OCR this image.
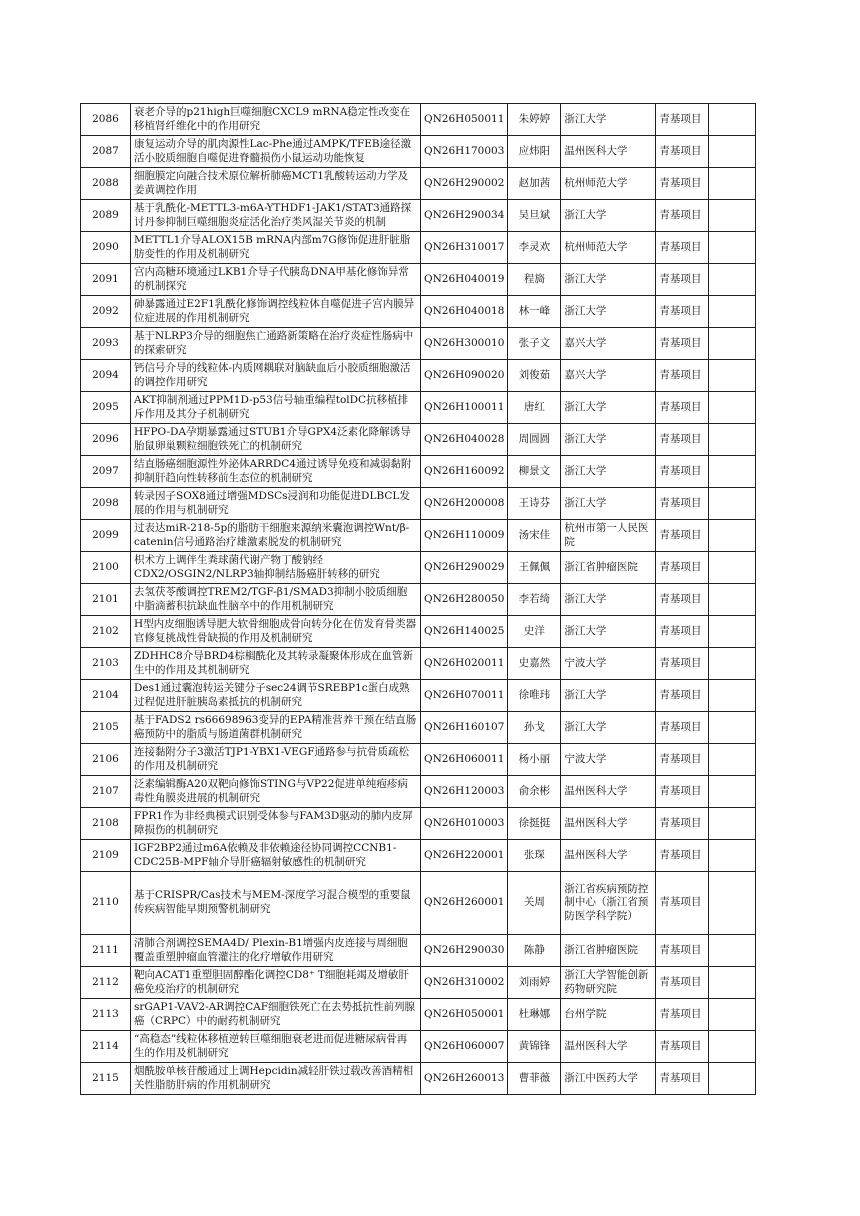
2086	衰老介导的p21high巨噬细胞CXCL9 mRNA稳定性改变在移植肾纤维化中的作用研究	QN26H050011	朱婷婷	浙江大学	青基项目	
2087	康复运动介导的肌肉源性Lac-Phe通过AMPK/TFEB途径激活小胶质细胞自噬促进脊髓损伤小鼠运动功能恢复	QN26H170003	应炜阳	温州医科大学	青基项目	
2088	细胞膜定向融合技术原位解析肺癌MCT1乳酸转运动力学及姜黄调控作用	QN26H290002	赵加茜	杭州师范大学	青基项目	
2089	基于乳酰化-METTL3-m6A-YTHDF1-JAK1/STAT3通路探讨丹参抑制巨噬细胞炎症活化治疗类风湿关节炎的机制	QN26H290034	吴旦斌	浙江大学	青基项目	
2090	METTL1介导ALOX15B mRNA内部m7G修饰促进肝脏脂肪变性的作用及机制研究	QN26H310017	李灵欢	杭州师范大学	青基项目	
2091	宫内高糖环境通过LKB1介导子代胰岛DNA甲基化修饰异常的机制探究	QN26H040019	程旖	浙江大学	青基项目	
2092	砷暴露通过E2F1乳酰化修饰调控线粒体自噬促进子宫内膜异位症进展的作用机制研究	QN26H040018	林一峰	浙江大学	青基项目	
2093	基于NLRP3介导的细胞焦亡通路新策略在治疗炎症性肠病中的探索研究	QN26H300010	张子文	嘉兴大学	青基项目	
2094	钙信号介导的线粒体-内质网耦联对脑缺血后小胶质细胞激活的调控作用研究	QN26H090020	刘俊茹	嘉兴大学	青基项目	
2095	AKT抑制剂通过PPM1D-p53信号轴重编程tolDC抗移植排斥作用及其分子机制研究	QN26H100011	唐红	浙江大学	青基项目	
2096	HFPO-DA孕期暴露通过STUB1介导GPX4泛素化降解诱导胎鼠卵巢颗粒细胞铁死亡的机制研究	QN26H040028	周圆圆	浙江大学	青基项目	
2097	结直肠癌细胞源性外泌体ARRDC4通过诱导免疫和减弱黏附抑制肝趋向性转移前生态位的机制研究	QN26H160092	柳景文	浙江大学	青基项目	
2098	转录因子SOX8通过增强MDSCs浸润和功能促进DLBCL发展的作用与机制研究	QN26H200008	王诗芬	浙江大学	青基项目	
2099	过表达miR-218-5p的脂肪干细胞来源纳米囊泡调控Wnt/β-catenin信号通路治疗雄激素脱发的机制研究	QN26H110009	汤宋佳	杭州市第一人民医院	青基项目	
2100	枳术方上调伴生粪球菌代谢产物丁酸钠经CDX2/OSGIN2/NLRP3轴抑制结肠癌肝转移的研究	QN26H290029	王佩佩	浙江省肿瘤医院	青基项目	
2101	去氢茯苓酸调控TREM2/TGF-β1/SMAD3抑制小胶质细胞中脂滴蓄积抗缺血性脑卒中的作用机制研究	QN26H280050	李若绮	浙江大学	青基项目	
2102	H型内皮细胞诱导肥大软骨细胞成骨向转分化在仿发育骨类器官修复挑战性骨缺损的作用及机制研究	QN26H140025	史洋	浙江大学	青基项目	
2103	ZDHHC8介导BRD4棕榈酰化及其转录凝聚体形成在血管新生中的作用及其机制研究	QN26H020011	史嘉然	宁波大学	青基项目	
2104	Des1通过囊泡转运关键分子sec24调节SREBP1c蛋白成熟过程促进肝脏胰岛素抵抗的机制研究	QN26H070011	徐唯玮	浙江大学	青基项目	
2105	基于FADS2 rs66698963变异的EPA精准营养干预在结直肠癌预防中的脂质与肠道菌群机制研究	QN26H160107	孙戈	浙江大学	青基项目	
2106	连接黏附分子3激活TJP1-YBX1-VEGF通路参与抗骨质疏松的作用及机制研究	QN26H060011	杨小丽	宁波大学	青基项目	
2107	泛素编辑酶A20双靶向修饰STING与VP22促进单纯疱疹病毒性角膜炎进展的机制研究	QN26H120003	俞余彬	温州医科大学	青基项目	
2108	FPR1作为非经典模式识别受体参与FAM3D驱动的肺内皮屏障损伤的机制研究	QN26H010003	徐挺挺	温州医科大学	青基项目	
2109	IGF2BP2通过m6A依赖及非依赖途径协同调控CCNB1-CDC25B-MPF轴介导肝癌辐射敏感性的机制研究	QN26H220001	张琛	温州医科大学	青基项目	
2110	基于CRISPR/Cas技术与MEM-深度学习混合模型的重要鼠传疾病智能早期预警机制研究	QN26H260001	关周	浙江省疾病预防控制中心（浙江省预防医学科学院）	青基项目	
2111	清肺合剂调控SEMA4D/ Plexin-B1增强内皮连接与周细胞覆盖重塑肿瘤血管灌注的化疗增敏作用研究	QN26H290030	陈静	浙江省肿瘤医院	青基项目	
2112	靶向ACAT1重塑胆固醇酯化调控CD8⁺ T细胞耗竭及增敏肝癌免疫治疗的机制研究	QN26H310002	刘雨婷	浙江大学智能创新药物研究院	青基项目	
2113	srGAP1-VAV2-AR调控CAF细胞铁死亡在去势抵抗性前列腺癌（CRPC）中的耐药机制研究	QN26H050001	杜琳娜	台州学院	青基项目	
2114	“高稳态”线粒体移植逆转巨噬细胞衰老进而促进糖尿病骨再生的作用及机制研究	QN26H060007	黄锦锋	温州医科大学	青基项目	
2115	烟酰胺单核苷酸通过上调Hepcidin减轻肝铁过载改善酒精相关性脂肪肝病的作用机制研究	QN26H260013	曹菲薇	浙江中医药大学	青基项目	
